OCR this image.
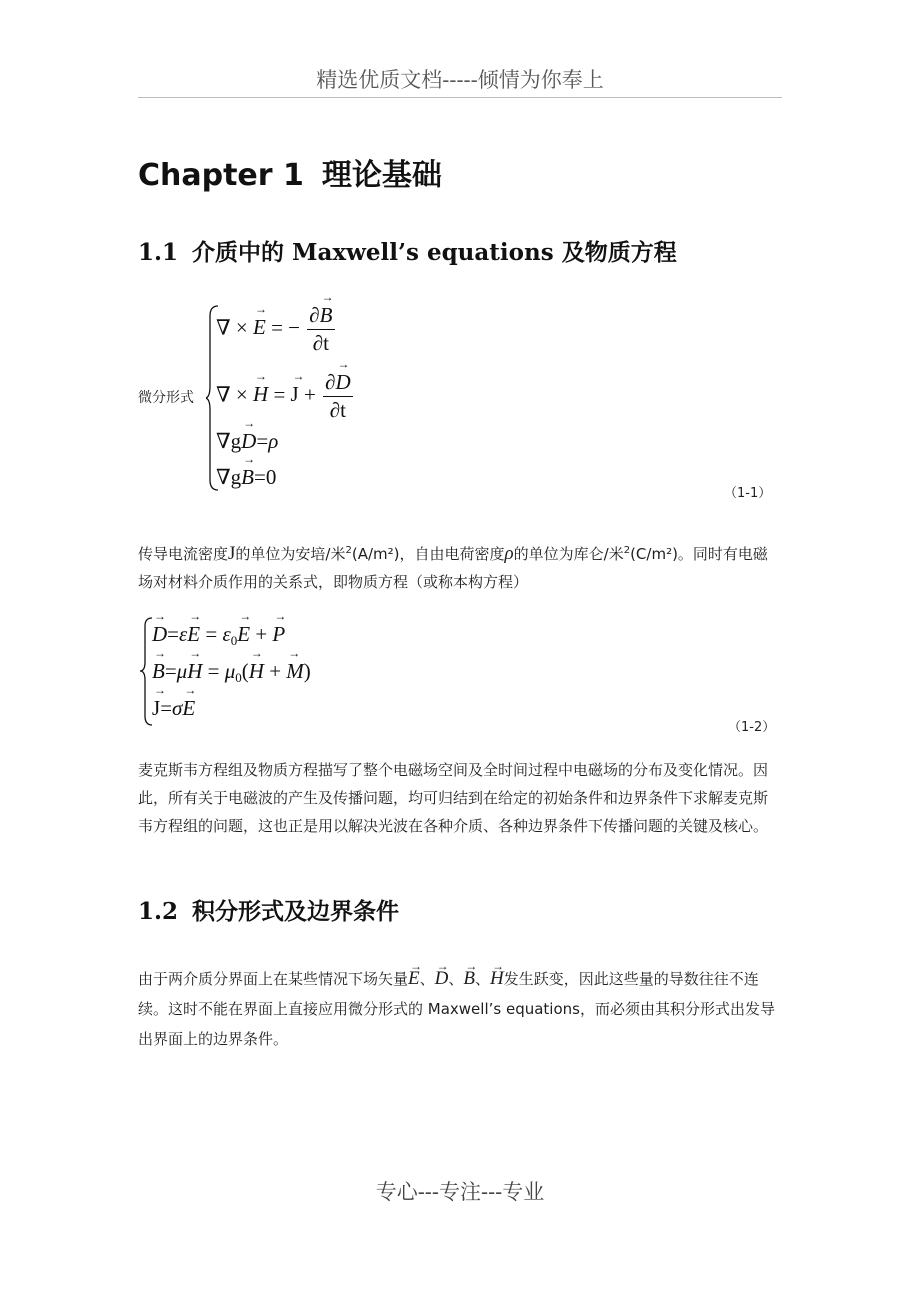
精选优质文档-----倾情为你奉上
Chapter 1 理论基础
1.1 介质中的 Maxwell’s equations 及物质方程
微分形式
∇ × → E = − $\frac{\partial\to B}{\partial t}$
∇ × → H = → $J + \frac{\partial\to D}{\partial t}$
∇g→ D=ρ
∇g→ B=0
（1-1）
传导电流密度J的单位为安培/米$^2$(A/m²)，自由电荷密度ρ的单位为库仑/米$^2$(C/m²)。同时有电磁场对材料介质作用的关系式，即物质方程（或称本构方程）
→ $D=\varepsilon\to E = \varepsilon_0\to E$ + → P
→ $B=\mu\to H = \mu_0(\to H$ + → M)
→ J=σ→ E
（1-2）
麦克斯韦方程组及物质方程描写了整个电磁场空间及全时间过程中电磁场的分布及变化情况。因此，所有关于电磁波的产生及传播问题，均可归结到在给定的初始条件和边界条件下求解麦克斯韦方程组的问题，这也正是用以解决光波在各种介质、各种边界条件下传播问题的关键及核心。
1.2 积分形式及边界条件
由于两介质分界面上在某些情况下场矢量→ E、→ D、→ B、→ H发生跃变，因此这些量的导数往往不连续。这时不能在界面上直接应用微分形式的 Maxwell’s equations，而必须由其积分形式出发导出界面上的边界条件。
专心---专注---专业
